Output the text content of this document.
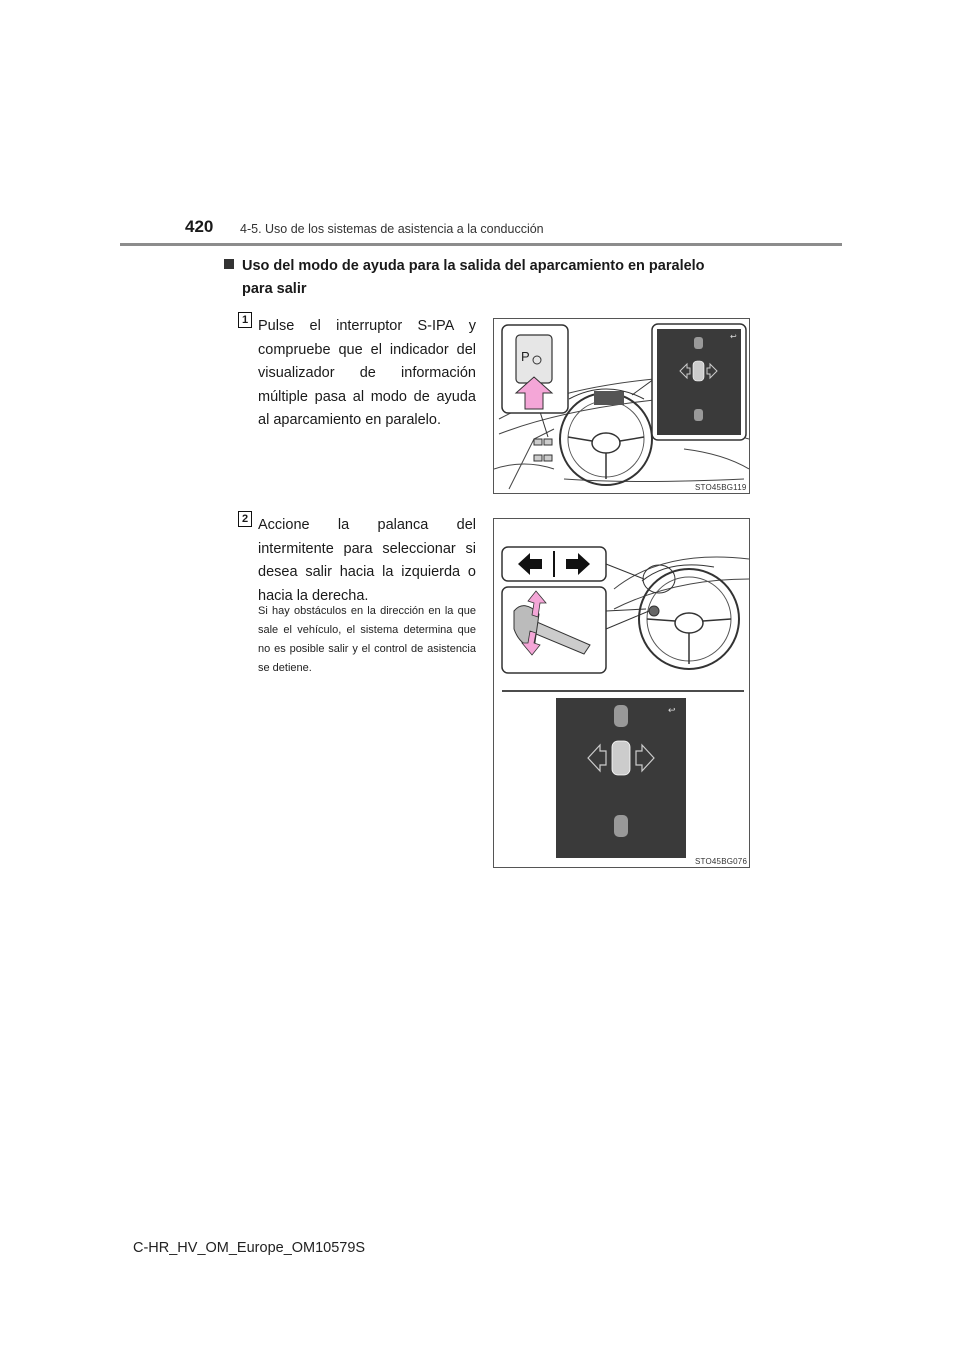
420 4-5. Uso de los sistemas de asistencia a la conducción
Uso del modo de ayuda para la salida del aparcamiento en paralelo
para salir
1 Pulse el interruptor S-IPA y compruebe que el indicador del visualizador de información múltiple pasa al modo de ayuda al aparcamiento en paralelo.
P
↩
STO45BG119
2 Accione la palanca del intermitente para seleccionar si desea salir hacia la izquierda o hacia la derecha.
Si hay obstáculos en la dirección en la que sale el vehículo, el sistema determina que no es posible salir y el control de asistencia se detiene.
↩
STO45BG076
C-HR_HV_OM_Europe_OM10579S
